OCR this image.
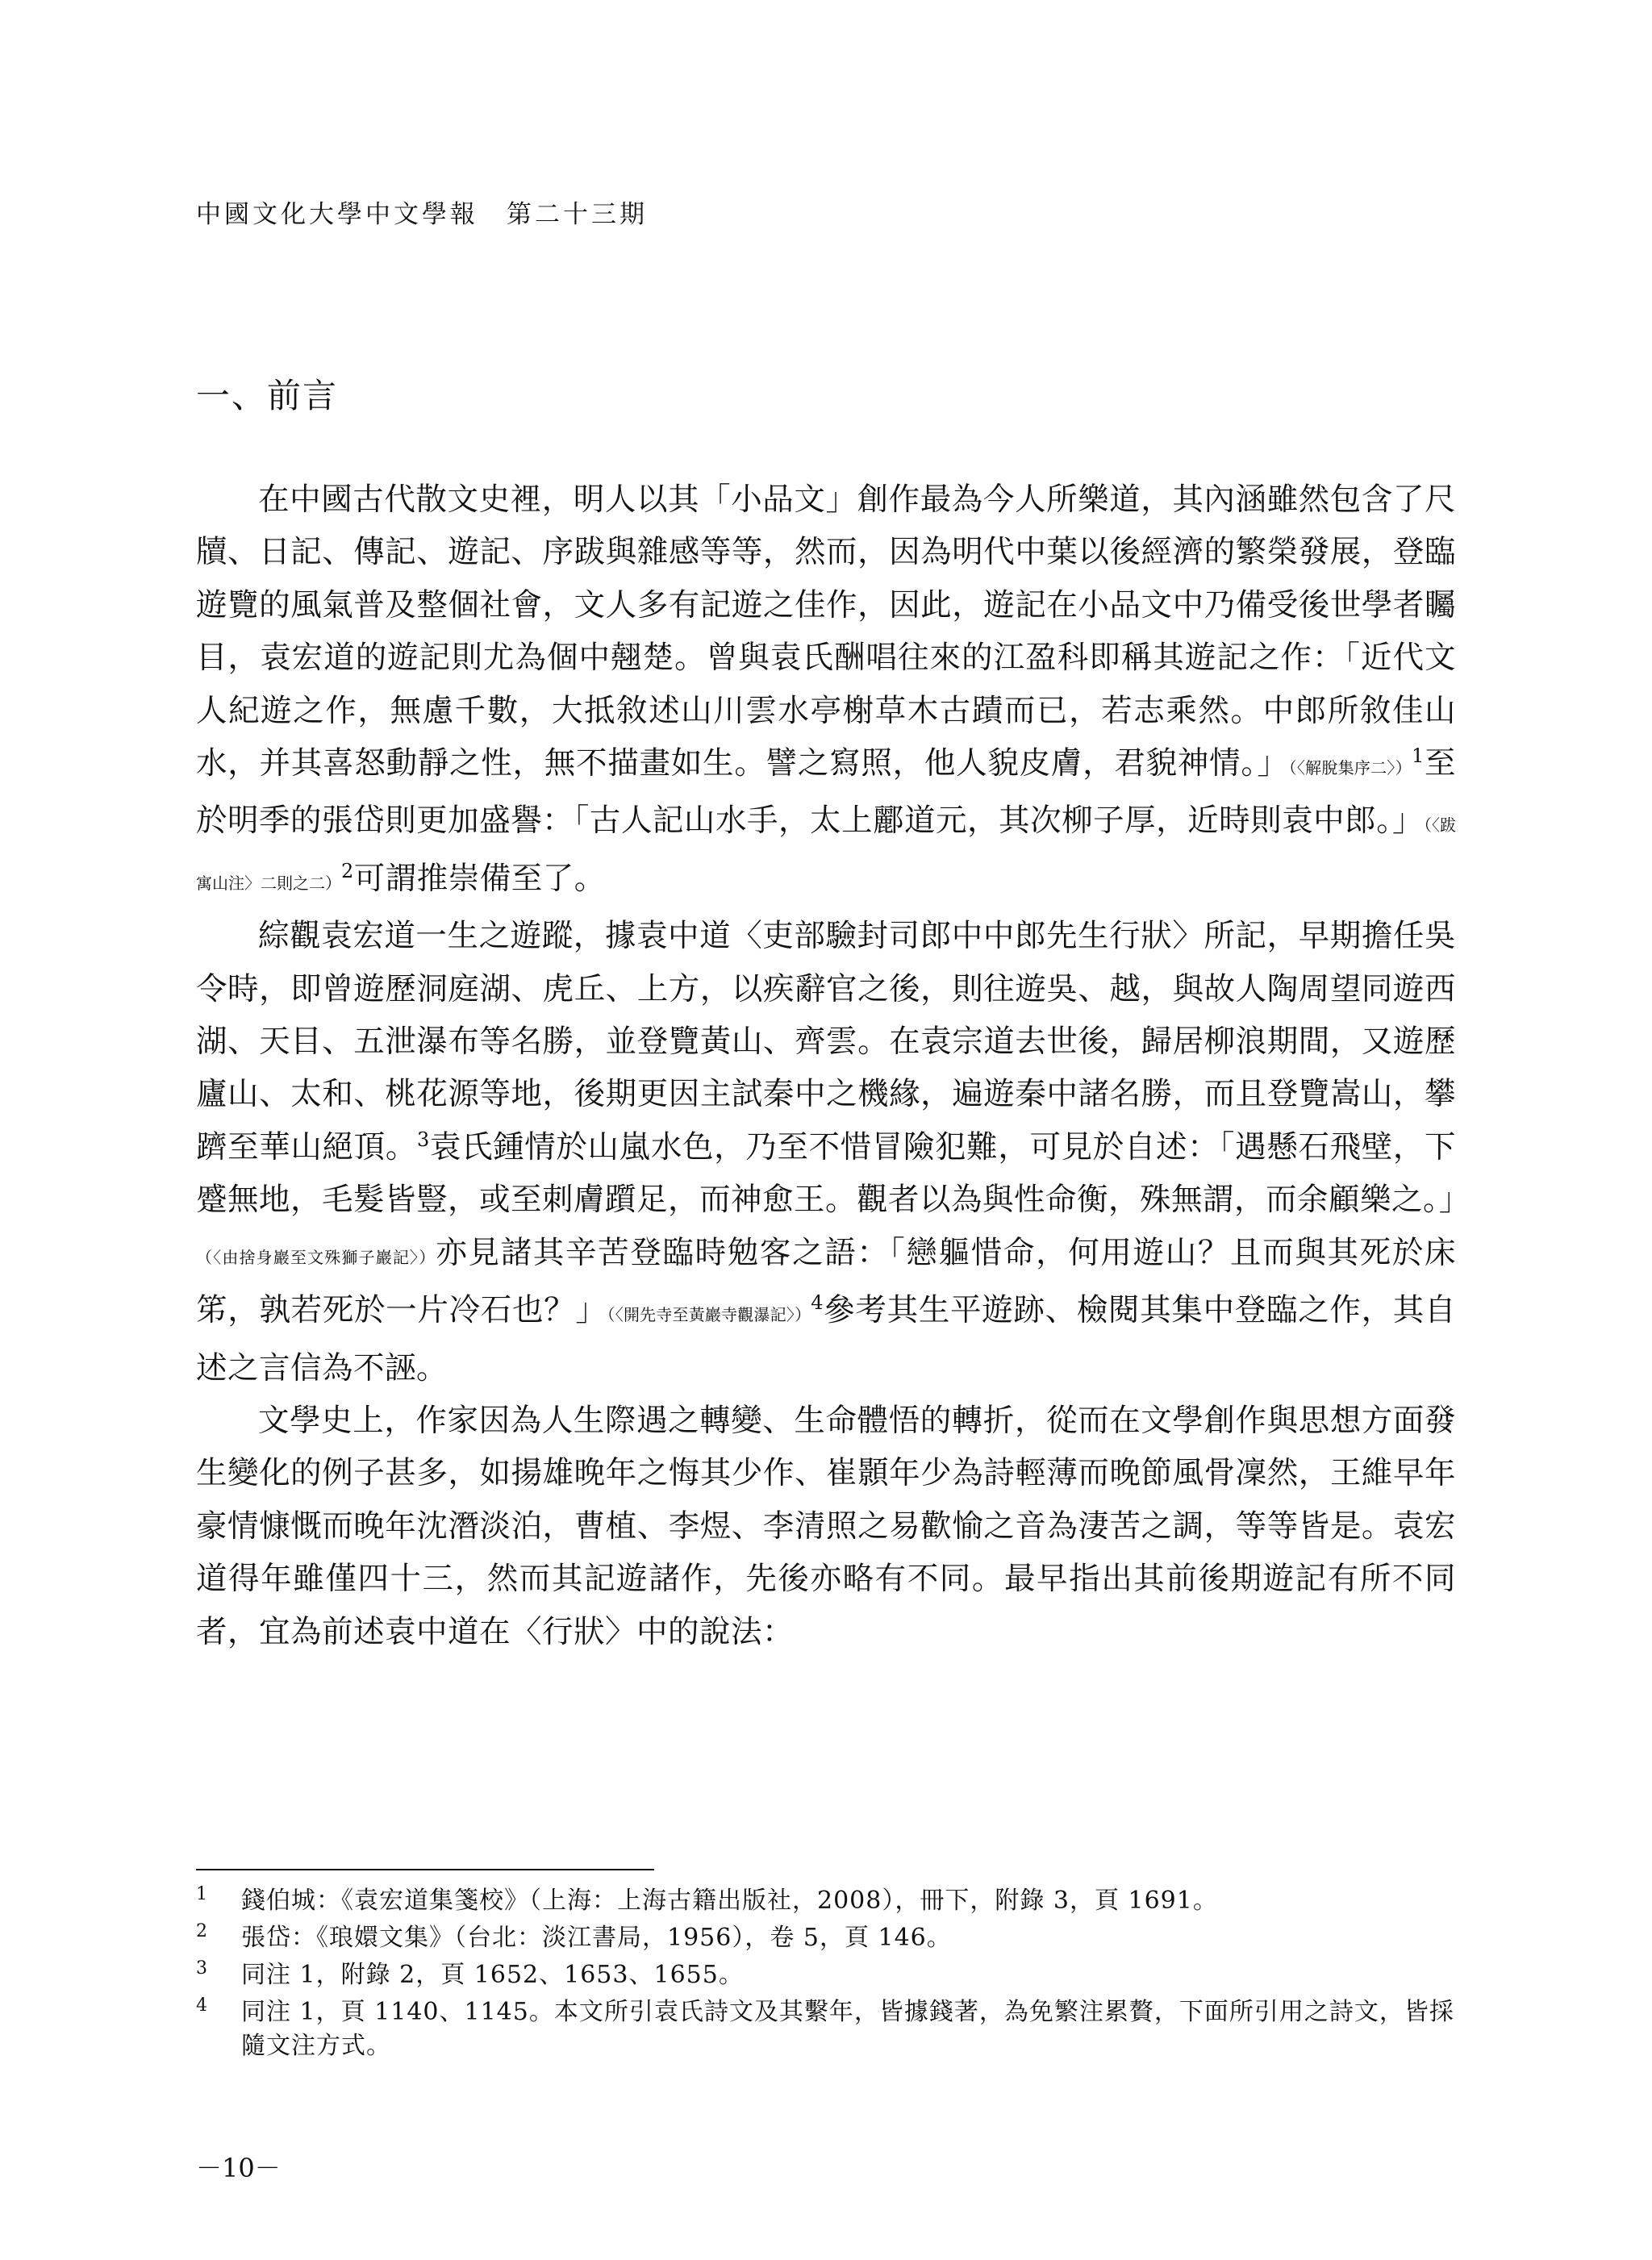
中國文化大學中文學報　第二十三期
一、前言

在中國古代散文史裡，明人以其「小品文」創作最為今人所樂道，其內涵雖然包含了尺牘、日記、傳記、遊記、序跋與雜感等等，然而，因為明代中葉以後經濟的繁榮發展，登臨遊覽的風氣普及整個社會，文人多有記遊之佳作，因此，遊記在小品文中乃備受後世學者矚目，袁宏道的遊記則尤為個中翹楚。曾與袁氏酬唱往來的江盈科即稱其遊記之作：「近代文人紀遊之作，無慮千數，大抵敘述山川雲水亭榭草木古蹟而已，若志乘然。中郎所敘佳山水，并其喜怒動靜之性，無不描畫如生。譬之寫照，他人貌皮膚，君貌神情。」（〈解脫集序二〉）$^1$至於明季的張岱則更加盛譽：「古人記山水手，太上酈道元，其次柳子厚，近時則袁中郎。」（〈跋寓山注〉二則之二）$^2$可謂推崇備至了。

綜觀袁宏道一生之遊蹤，據袁中道〈吏部驗封司郎中中郎先生行狀〉所記，早期擔任吳令時，即曾遊歷洞庭湖、虎丘、上方，以疾辭官之後，則往遊吳、越，與故人陶周望同遊西湖、天目、五泄瀑布等名勝，並登覽黃山、齊雲。在袁宗道去世後，歸居柳浪期間，又遊歷廬山、太和、桃花源等地，後期更因主試秦中之機緣，遍遊秦中諸名勝，而且登覽嵩山，攀躋至華山絕頂。$^3$袁氏鍾情於山嵐水色，乃至不惜冒險犯難，可見於自述：「遇懸石飛壁，下蹙無地，毛髮皆豎，或至刺膚躓足，而神愈王。觀者以為與性命衡，殊無謂，而余顧樂之。」（〈由捨身巖至文殊獅子巖記〉）亦見諸其辛苦登臨時勉客之語：「戀軀惜命，何用遊山？且而與其死於床笫，孰若死於一片冷石也？」（〈開先寺至黃巖寺觀瀑記〉）$^4$參考其生平遊跡、檢閱其集中登臨之作，其自述之言信為不誣。

文學史上，作家因為人生際遇之轉變、生命體悟的轉折，從而在文學創作與思想方面發生變化的例子甚多，如揚雄晚年之悔其少作、崔顥年少為詩輕薄而晚節風骨凜然，王維早年豪情慷慨而晚年沈潛淡泊，曹植、李煜、李清照之易歡愉之音為淒苦之調，等等皆是。袁宏道得年雖僅四十三，然而其記遊諸作，先後亦略有不同。最早指出其前後期遊記有所不同者，宜為前述袁中道在〈行狀〉中的說法：

1 錢伯城：《袁宏道集箋校》（上海：上海古籍出版社，2008），冊下，附錄 3，頁 1691。
2 張岱：《琅嬛文集》（台北：淡江書局，1956），卷 5，頁 146。
3 同注 1，附錄 2，頁 1652、1653、1655。
4 同注 1，頁 1140、1145。本文所引袁氏詩文及其繫年，皆據錢著，為免繁注累贅，下面所引用之詩文，皆採隨文注方式。
－10－
